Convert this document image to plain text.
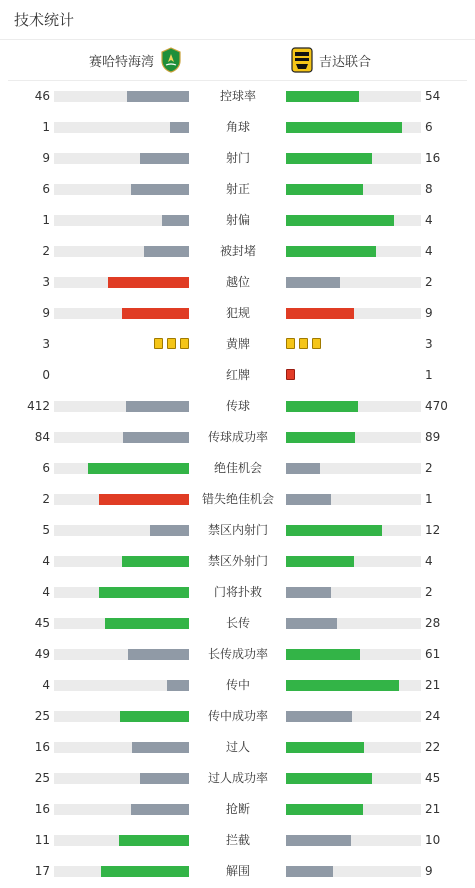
技术统计
赛哈特海湾	吉达联合
46	控球率	54
1	角球	6
9	射门	16
6	射正	8
1	射偏	4
2	被封堵	4
3	越位	2
9	犯规	9
3	黄牌	3
0	红牌	1
412	传球	470
84	传球成功率	89
6	绝佳机会	2
2	错失绝佳机会	1
5	禁区内射门	12
4	禁区外射门	4
4	门将扑救	2
45	长传	28
49	长传成功率	61
4	传中	21
25	传中成功率	24
16	过人	22
25	过人成功率	45
16	抢断	21
11	拦截	10
17	解围	9
